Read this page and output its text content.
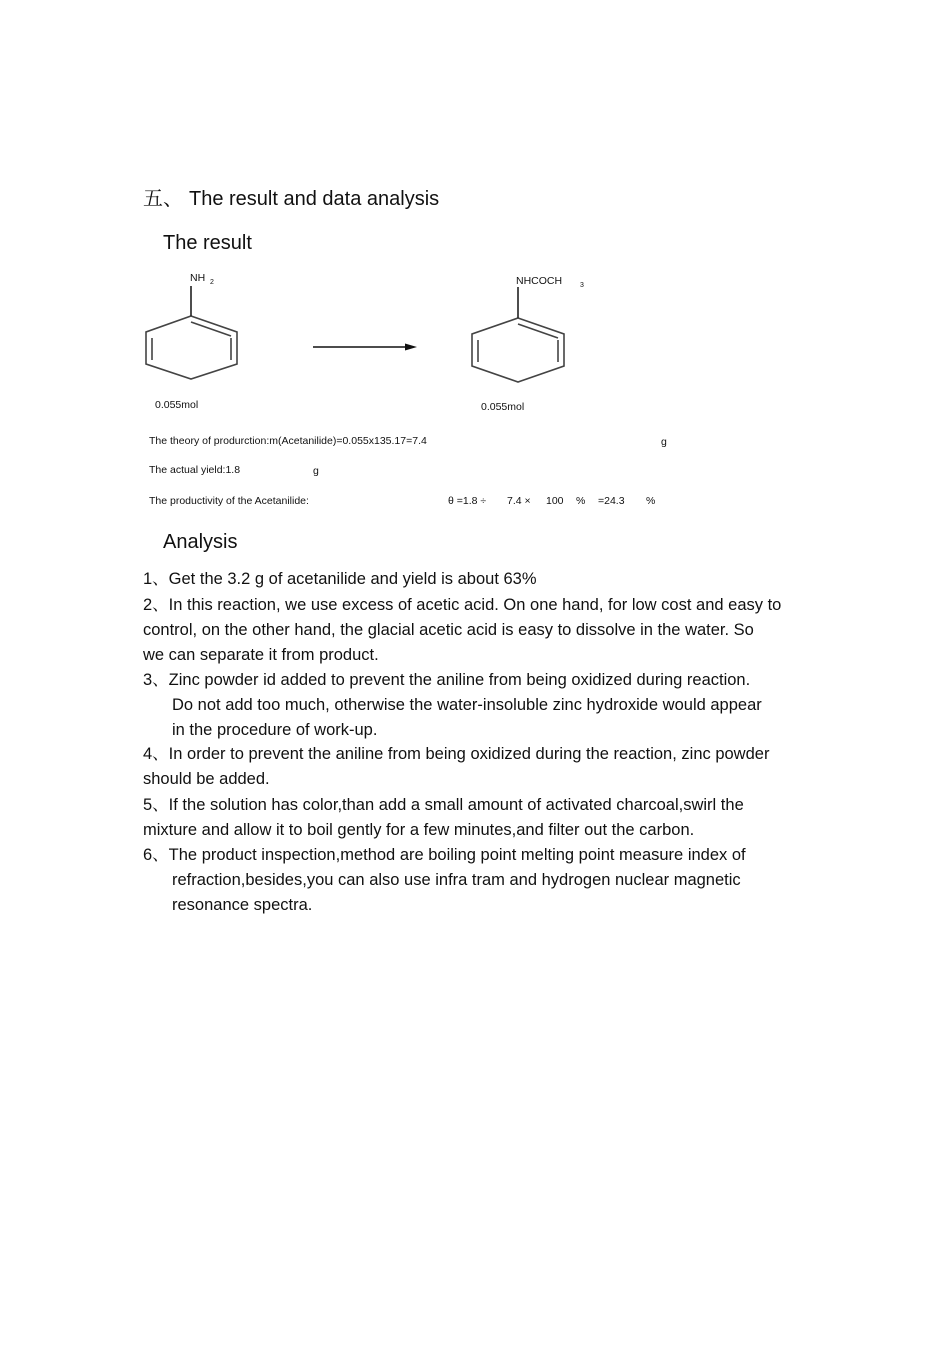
五、 The result and data analysis
The result
NH 2
0.055mol
NHCOCH	3
0.055mol
The theory of produrction:m(Acetanilide)=0.055x135.17=7.4	g
The actual yield:1.8	g
The productivity of the Acetanilide:	θ =1.8 ÷ 7.4 × 100 % =24.3 %
Analysis
1、Get the 3.2 g of acetanilide and yield is about 63%
2、In this reaction, we use excess of acetic acid. On one hand, for low cost and easy to
control, on the other hand, the glacial acetic acid is easy to dissolve in the water. So
we can separate it from product.
3、Zinc powder id added to prevent the aniline from being oxidized during reaction.
Do not add too much, otherwise the water-insoluble zinc hydroxide would appear
in the procedure of work-up.
4、In order to prevent the aniline from being oxidized during the reaction, zinc powder
should be added.
5、If the solution has color,than add a small amount of activated charcoal,swirl the
mixture and allow it to boil gently for a few minutes,and filter out the carbon.
6、The product inspection,method are boiling point melting point measure index of
refraction,besides,you can also use infra tram and hydrogen nuclear magnetic
resonance spectra.
